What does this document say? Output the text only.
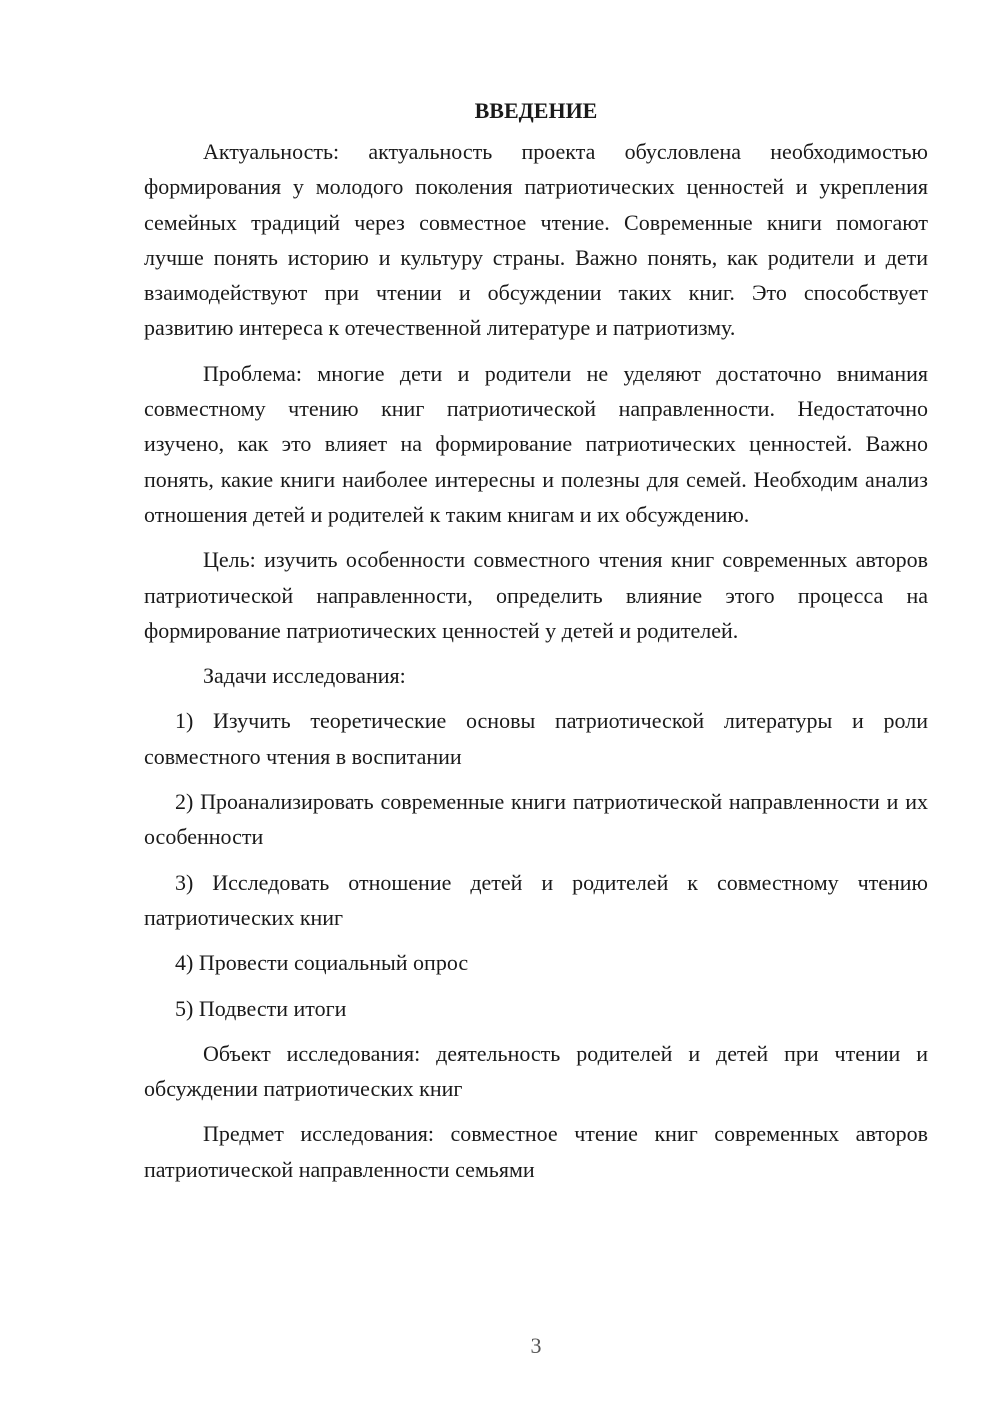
ВВЕДЕНИЕ

Актуальность: актуальность проекта обусловлена необходимостью формирования у молодого поколения патриотических ценностей и укрепления семейных традиций через совместное чтение. Современные книги помогают лучше понять историю и культуру страны. Важно понять, как родители и дети взаимодействуют при чтении и обсуждении таких книг. Это способствует развитию интереса к отечественной литературе и патриотизму.

Проблема: многие дети и родители не уделяют достаточно внимания совместному чтению книг патриотической направленности. Недостаточно изучено, как это влияет на формирование патриотических ценностей. Важно понять, какие книги наиболее интересны и полезны для семей. Необходим анализ отношения детей и родителей к таким книгам и их обсуждению.

Цель: изучить особенности совместного чтения книг современных авторов патриотической направленности, определить влияние этого процесса на формирование патриотических ценностей у детей и родителей.

Задачи исследования:

1) Изучить теоретические основы патриотической литературы и роли совместного чтения в воспитании

2) Проанализировать современные книги патриотической направленности и их особенности

3) Исследовать отношение детей и родителей к совместному чтению патриотических книг

4) Провести социальный опрос

5) Подвести итоги

Объект исследования: деятельность родителей и детей при чтении и обсуждении патриотических книг

Предмет исследования: совместное чтение книг современных авторов патриотической направленности семьями

3
